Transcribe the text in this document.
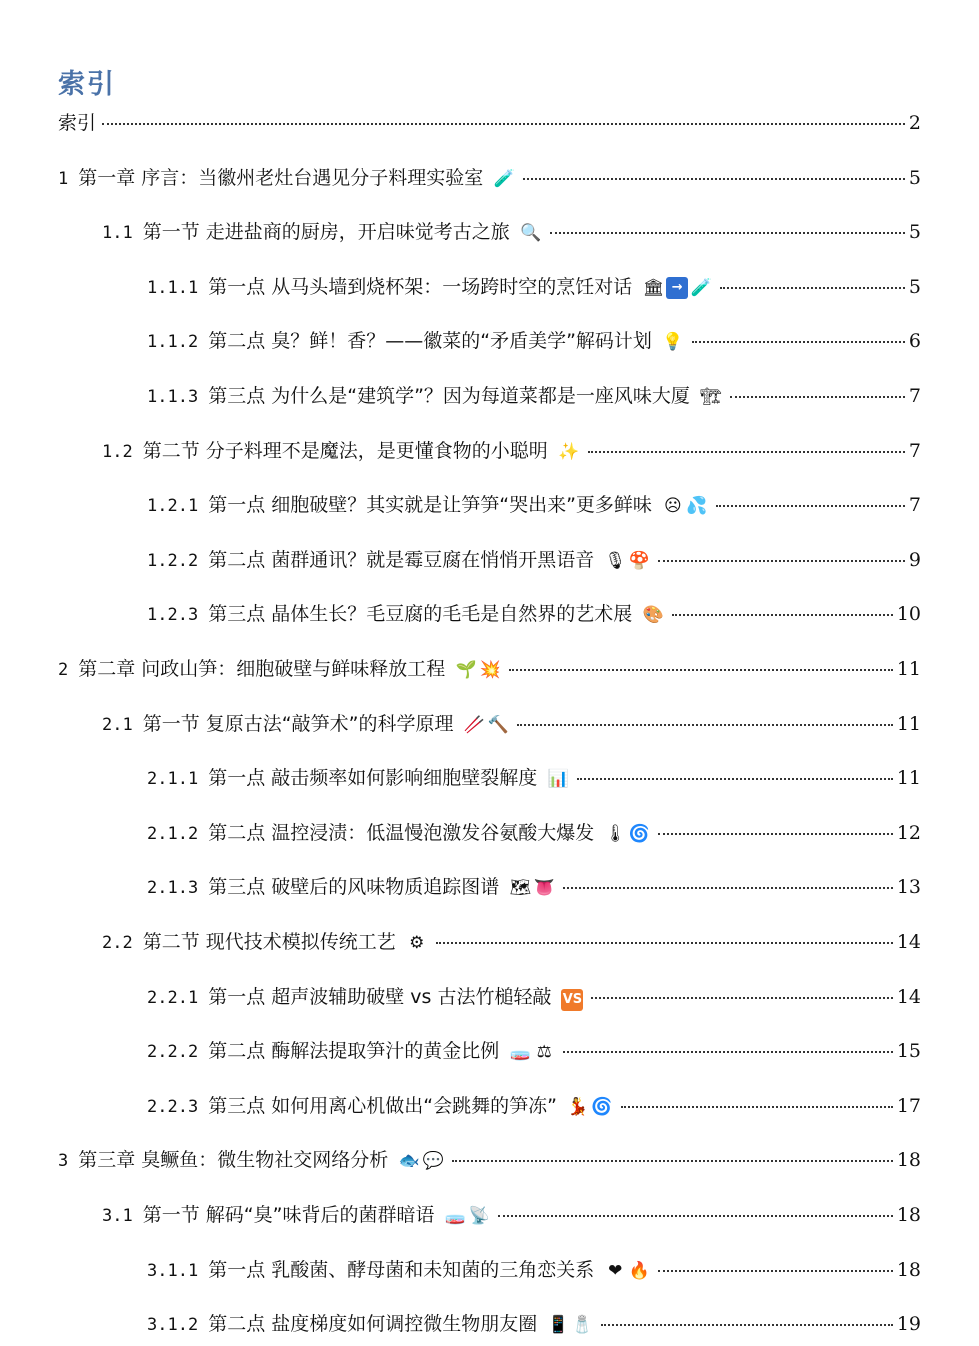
索引
索引	2
1 第一章 序言：当徽州老灶台遇见分子料理实验室 🧪	5
1.1 第一节 走进盐商的厨房，开启味觉考古之旅 🔍	5
1.1.1 第一点 从马头墙到烧杯架：一场跨时空的烹饪对话 🏛 → 🧪	5
1.1.2 第二点 臭？鲜！香？——徽菜的“矛盾美学”解码计划 💡	6
1.1.3 第三点 为什么是“建筑学”？因为每道菜都是一座风味大厦 🏗	7
1.2 第二节 分子料理不是魔法，是更懂食物的小聪明 ✨	7
1.2.1 第一点 细胞破壁？其实就是让笋笋“哭出来”更多鲜味 ☹ 💦	7
1.2.2 第二点 菌群通讯？就是霉豆腐在悄悄开黑语音 🎙 🍄	9
1.2.3 第三点 晶体生长？毛豆腐的毛毛是自然界的艺术展 🎨	10
2 第二章 问政山笋：细胞破壁与鲜味释放工程 🌱 💥	11
2.1 第一节 复原古法“敲笋术”的科学原理 🥢 🔨	11
2.1.1 第一点 敲击频率如何影响细胞壁裂解度 📊	11
2.1.2 第二点 温控浸渍：低温慢泡激发谷氨酸大爆发 🌡 🌀	12
2.1.3 第三点 破壁后的风味物质追踪图谱 🗺 👅	13
2.2 第二节 现代技术模拟传统工艺 ⚙	14
2.2.1 第一点 超声波辅助破壁 vs 古法竹槌轻敲 VS	14
2.2.2 第二点 酶解法提取笋汁的黄金比例 🧫 ⚖	15
2.2.3 第三点 如何用离心机做出“会跳舞的笋冻” 💃 🌀	17
3 第三章 臭鳜鱼：微生物社交网络分析 🐟 💬	18
3.1 第一节 解码“臭”味背后的菌群暗语 🧫 📡	18
3.1.1 第一点 乳酸菌、酵母菌和未知菌的三角恋关系 ❤ 🔥	18
3.1.2 第二点 盐度梯度如何调控微生物朋友圈 📱 🧂	19
